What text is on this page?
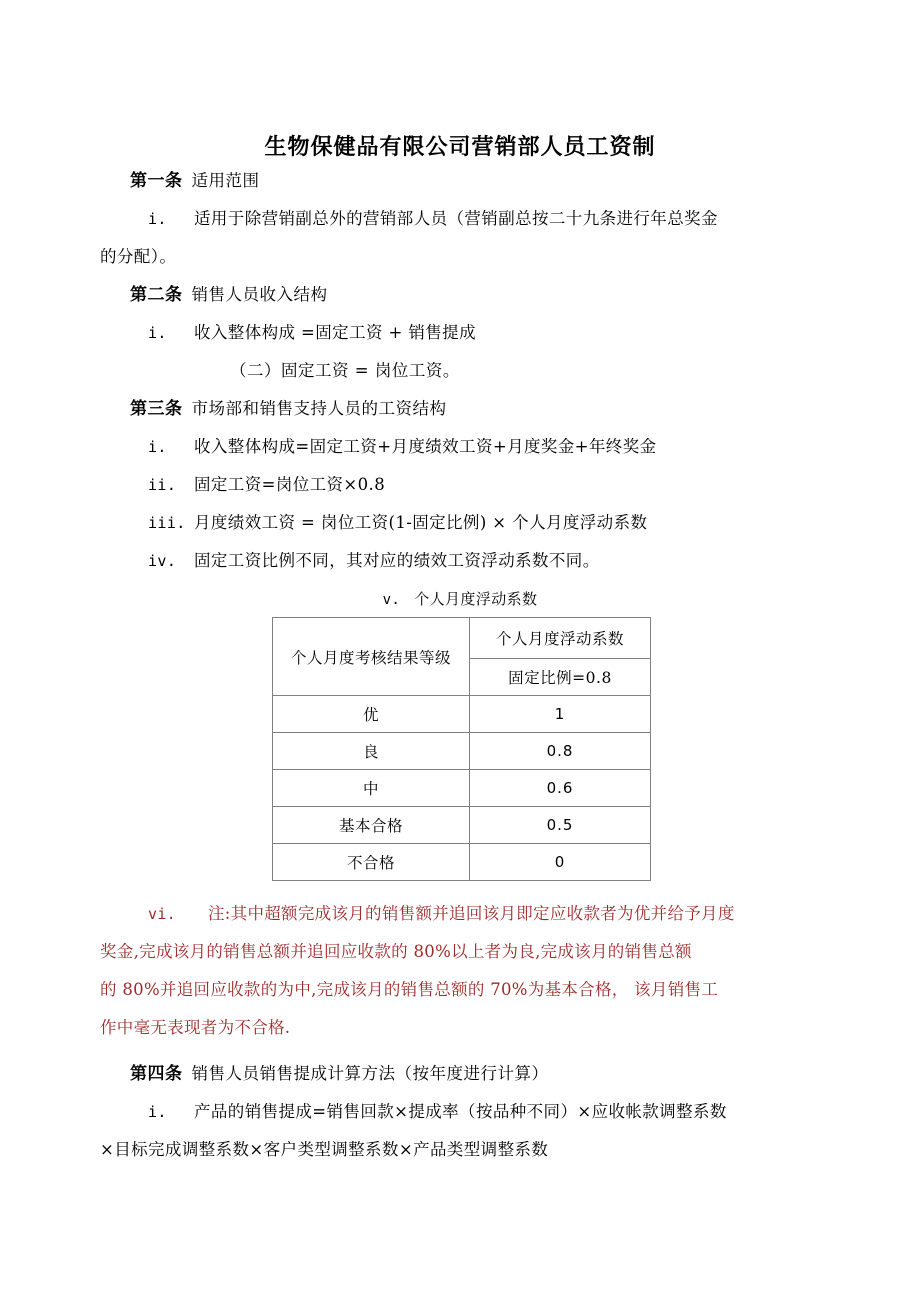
生物保健品有限公司营销部人员工资制
第一条 适用范围
i. 适用于除营销副总外的营销部人员（营销副总按二十九条进行年总奖金
的分配）。
第二条 销售人员收入结构
i. 收入整体构成 =固定工资 + 销售提成
（二）固定工资 = 岗位工资。
第三条 市场部和销售支持人员的工资结构
i. 收入整体构成=固定工资+月度绩效工资+月度奖金+年终奖金
ii. 固定工资=岗位工资×0.8
iii. 月度绩效工资 = 岗位工资(1-固定比例) × 个人月度浮动系数
iv. 固定工资比例不同，其对应的绩效工资浮动系数不同。
v. 个人月度浮动系数
个人月度考核结果等级	个人月度浮动系数
	固定比例=0.8
优	1
良	0.8
中	0.6
基本合格	0.5
不合格	0

vi. 注:其中超额完成该月的销售额并追回该月即定应收款者为优并给予月度

奖金,完成该月的销售总额并追回应收款的 80%以上者为良,完成该月的销售总额

的 80%并追回应收款的为中,完成该月的销售总额的 70%为基本合格， 该月销售工

作中毫无表现者为不合格.

第四条 销售人员销售提成计算方法（按年度进行计算）
i. 产品的销售提成=销售回款×提成率（按品种不同）×应收帐款调整系数
×目标完成调整系数×客户类型调整系数×产品类型调整系数
